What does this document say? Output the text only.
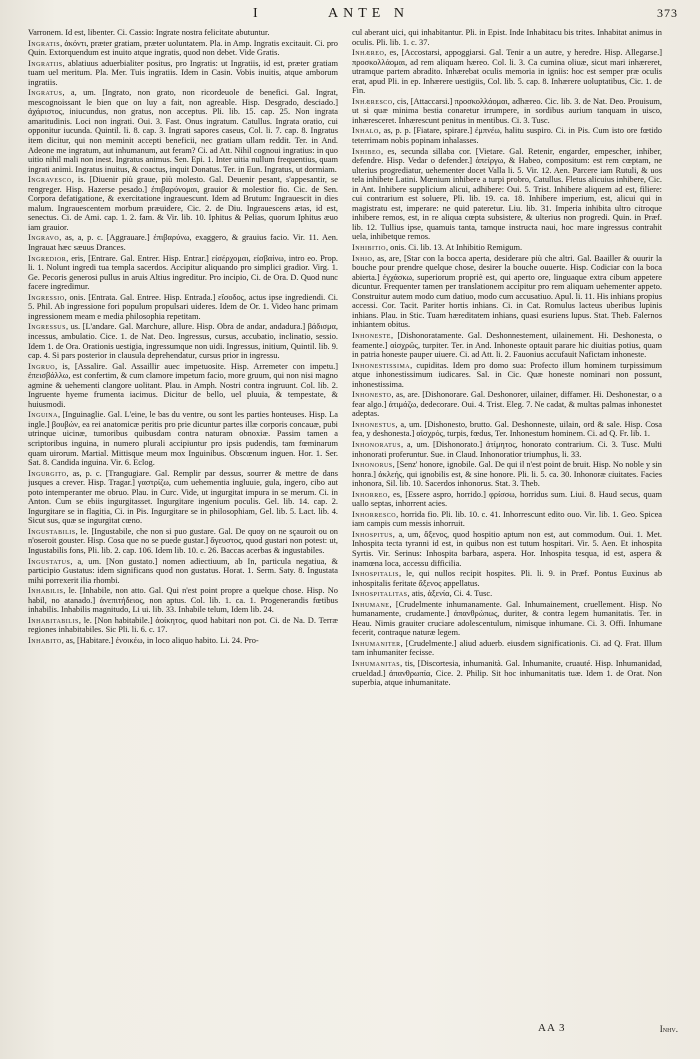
I	ANTE N	373

Varronem. Id est, libenter. Ci. Cassio: Ingrate nostra felicitate abutuntur.

Ingratis, ἀκόντι, præter gratiam, præter uoluntatem. Pla. in Amp. Ingratis excitauit. Ci. pro Quin. Extorquendum est inuito atque ingratis, quod non debet. Vide Gratis.

Ingratiis, ablatiuus aduerbialiter positus, pro Ingratis: ut Ingratiis, id est, præter gratiam tuam uel meritum. Pla. Mer. Tuis ingratiis. Idem in Casin. Vobis inuitis, atque amborum ingratiis.

Ingratus, a, um. [Ingrato, non grato, non ricordeuole de benefici. Gal. Ingrat, mescognoissant le bien que on luy a fait, non agreable. Hisp. Desgrado, desciado.] ἀχάριστος, iniucundus, non gratus, non acceptus. Pli. lib. 15. cap. 25. Non ingrata amaritudinis. Loci non ingrati. Oui. 3. Fast. Onus ingratum. Catullus. Ingrata oratio, cui opponitur iucunda. Quintil. li. 8. cap. 3. Ingrati sapores caseus, Col. li. 7. cap. 8. Ingratus item dicitur, qui non meminit accepti beneficii, nec gratiam ullam reddit. Ter. in And. Adeone me ingratum, aut inhumanum, aut feram? Ci. ad Att. Nihil cognoui ingratius: in quo uitio nihil mali non inest. Ingratus animus. Sen. Epi. 1. Inter uitia nullum frequentius, quam ingrati animi. Ingratus inuitus, & coactus, inquit Donatus. Ter. in Eun. Ingratus, ut dormiam.

Ingravesco, is. [Diuenir più graue, più molesto. Gal. Deuenir pesant, s'appesantir, se rengreger. Hisp. Hazerse pesado.] ἐπιβαρύνομαι, grauior & molestior fio. Cic. de Sen. Corpora defatigatione, & exercitatione ingrauescunt. Idem ad Brutum: Ingrauescit in dies malum. Ingrauescentem morbum præuidere, Cic. 2. de Diu. Ingrauescens ætas, id est, senectus. Ci. de Ami. cap. 1. 2. fam. & Vir. lib. 10. Iphitus & Pelias, quorum Iphitus æuo iam grauior.

Ingravo, as, a, p. c. [Aggrauare.] ἐπιβαρύνω, exaggero, & grauius facio. Vir. 11. Aen. Ingrauat hæc sæuus Drances.

Ingredior, eris, [Entrare. Gal. Entrer. Hisp. Entrar.] εἰσέρχομαι, εἰσβαίνω, intro eo. Prop. li. 1. Nolunt ingredi tua templa sacerdos. Accipitur aliquando pro simplici gradior. Virg. 1. Ge. Pecoris generosi pullus in aruis Altius ingreditur. Pro incipio, Ci. de Ora. D. Quod nunc facere ingredimur.

Ingressio, onis. [Entrata. Gal. Entree. Hisp. Entrada.] εἴσοδος, actus ipse ingrediendi. Ci. 5. Phil. Ab ingressione fori populum propulsari uideres. Idem de Or. 1. Video hanc primam ingressionem meam e media philosophia repetitam.

Ingressus, us. [L'andare. Gal. Marchure, allure. Hisp. Obra de andar, andadura.] βάδισμα, incessus, ambulatio. Cice. 1. de Nat. Deo. Ingressus, cursus, accubatio, inclinatio, sessio. Idem 1. de Ora. Orationis uestigia, ingressumque non uidi. Ingressus, initium, Quintil. lib. 9. cap. 4. Si pars posterior in clausula deprehendatur, cursus prior in ingressu.

Ingruo, is, [Assalire. Gal. Assaillir auec impetuosite. Hisp. Arremeter con impetu.] ἐπεισβάλλω, est confertim, & cum clamore impetum facio, more gruum, qui non nisi magno agmine & uehementi clangore uolitant. Plau. in Amph. Nostri contra ingruunt. Col. lib. 2. Ingruente hyeme frumenta iacimus. Dicitur de bello, uel pluuia, & tempestate, & huiusmodi.

Inguina, [Inguinaglie. Gal. L'eine, le bas du ventre, ou sont les parties honteuses. Hisp. La ingle.] βουβών, ea rei anatomicæ peritis pro prie dicuntur partes illæ corporis concauæ, pubi utrinque uicinæ, tumoribus quibusdam contra naturam obnoxiæ. Passim tamen a scriptoribus inguina, in numero plurali accipiuntur pro ipsis pudendis, tam fœminarum quam uirorum. Martial. Mittisque meum mox Inguinibus. Obscœnum inguen. Hor. 1. Ser. Sat. 8. Candida inguina. Vir. 6. Eclog.

Ingurgito, as, p. c. [Trangugiare. Gal. Remplir par dessus, sourrer & mettre de dans jusques a crever. Hisp. Tragar.] γαστρίζω, cum uehementia ingluuie, gula, ingero, cibo aut poto intemperanter me obruo. Plau. in Curc. Vide, ut ingurgitat impura in se merum. Ci. in Anton. Cum se ebiis ingurgitasset. Ingurgitare ingenium poculis. Gel. lib. 14. cap. 2. Ingurgitare se in flagitia, Ci. in Pis. Ingurgitare se in philosophiam, Gel. lib. 5. Lact. lib. 4. Sicut sus, quæ se ingurgitat cœno.

Ingustabilis, le. [Ingustabile, che non si puo gustare. Gal. De quoy on ne sçauroit ou on n'oseroit gouster. Hisp. Cosa que no se puede gustar.] ἄγευστος, quod gustari non potest: ut, Ingustabilis fons, Pli. lib. 2. cap. 106. Idem lib. 10. c. 26. Baccas acerbas & ingustabiles.

Ingustatus, a, um. [Non gustato.] nomen adiectiuum, ab In, particula negatiua, & participio Gustatus: idem significans quod non gustatus. Horat. 1. Serm. Saty. 8. Ingustata mihi porrexerit ilia rhombi.

Inhabilis, le. [Inhabile, non atto. Gal. Qui n'est point propre a quelque chose. Hisp. No habil, no atanado.] ἀνεπιτήδειος, non aptus. Col. lib. 1. ca. 1. Progenerandis fœtibus inhabilis. Inhabilis magnitudo, Li ui. lib. 33. Inhabile telum, Idem lib. 24.

Inhabitabilis, le. [Non habitabile.] ἀοίκητος, quod habitari non pot. Ci. de Na. D. Terræ regiones inhabitabiles. Sic Pli. li. 6. c. 17.

Inhabito, as, [Habitare.] ἐνοικέω, in loco aliquo habito. Li. 24. Pro-

cul aberant uici, qui inhabitantur. Pli. in Epist. Inde Inhabitacu bis trites. Inhabitat animus in oculis. Pli. lib. 1. c. 37.

Inhæreo, es, [Accostarsi, appoggiarsi. Gal. Tenir a un autre, y heredre. Hisp. Allegarse.] προσκολλάομαι, ad rem aliquam hæreo. Col. li. 3. Ca cumina oliuæ, sicut mari inhæreret, utramque partem abradito. Inhærebat oculis memoria in igniis: hoc est semper præ oculis erat, apud Pli. in ep. Inhærere uestigiis, Col. lib. 5. cap. 8. Inhærere uoluptatibus, Cic. 1. de Fin.

Inhæresco, cis, [Attaccarsi.] προσκολλάομαι, adhæreo. Cic. lib. 3. de Nat. Deo. Prouisum, ut si quæ minima bestia conaretur irrumpere, in sordibus aurium tanquam in uisco, inhæresceret. Inhærescunt penitus in mentibus. Ci. 3. Tusc.

Inhalo, as, p. p. [Fiatare, spirare.] ἐμπνέω, halitu suspiro. Ci. in Pis. Cum isto ore fœtido teterrimam nobis popinam inhalasses.

Inhibeo, es, secunda sillaba cor. [Vietare. Gal. Retenir, engarder, empescher, inhiber, defendre. Hisp. Vedar o defender.] ἀπείργω, & Habeo, compositum: est rem cœptam, ne ulterius progrediatur, uehementer docet Valla li. 5. Vir. 12. Aen. Parcere iam Rutuli, & uos tela inhibete Latini. Mœnium inhibere a turpi probro, Catullus. Fletus alicuius inhibere, Cic. in Ant. Inhibere supplicium alicui, adhibere: Oui. 5. Trist. Inhibere aliquem ad est, filiere: cui contrarium est soluere, Pli. lib. 19. ca. 18. Inhibere imperium, est, alicui qui in magistratu est, imperare: ne quid pateretur. Liu. lib. 31. Imperia inhibita ultro citroque inhibere remos, est, in re aliqua cœpta subsistere, & ulterius non progredi. Quin. in Præf. lib. 12. Tullius ipse, quamuis tanta, tamque instructa naui, hoc mare ingressus contrahit uela, inhibetque remos.

Inhibitio, onis. Ci. lib. 13. At Inhibitio Remigum.

Inhio, as, are, [Star con la bocca aperta, desiderare più che altri. Gal. Baailler & ouurir la bouche pour prendre quelque chose, desirer la bouche ouuerte. Hisp. Codiciar con la boca abierta.] ἐγχάσκω, superiorum propriè est, qui aperto ore, linguaque extra cibum appetere dicuntur. Frequenter tamen per translationem accipitur pro rem aliquam uehementer appeto. Construitur autem modo cum datiuo, modo cum accusatiuo. Apul. li. 11. His inhians propius accessi. Cor. Tacit. Pariter hortis inhians. Ci. in Cat. Romulus lacteus uberibus lupinis inhians. Plau. in Stic. Tuam hæreditatem inhians, quasi esuriens lupus. Stat. Theb. Falernos inhiantem obitus.

Inhoneste, [Dishonoratamente. Gal. Deshonnestement, uilainement. Hi. Deshonesta, o feamente.] αἰσχρῶς, turpiter. Ter. in And. Inhoneste optauit parare hic diuitias potius, quam in patria honeste pauper uiuere. Ci. ad Att. li. 2. Fauonius accufauit Nafictam inhoneste.

Inhonestissima, cupiditas. Idem pro domo sua: Profecto illum hominem turpissimum atque inhonestissimum iudicares. Sal. in Cic. Quæ honeste nominari non possunt, inhonestissima.

Inhonesto, as, are. [Dishonorare. Gal. Deshonorer, uilainer, diffamer. Hi. Deshonestar, o a fear algo.] ἀτιμάζω, dedecorare. Oui. 4. Trist. Eleg. 7. Ne cadat, & multas palmas inhonestet adeptas.

Inhonestus, a, um. [Dishonesto, brutto. Gal. Deshonneste, uilain, ord & sale. Hisp. Cosa fea, y deshonesta.] αἰσχρός, turpis, fœdus, Ter. Inhonestum hominem. Ci. ad Q. Fr. lib. 1.

Inhonoratus, a, um. [Dishonorato.] ἀτίμητος, honorato contrarium. Ci. 3. Tusc. Multi inhonorati proferuntur. Sue. in Claud. Inhonoratior triumphus, li. 33.

Inhonorus, [Senz' honore, ignobile. Gal. De qui il n'est point de bruit. Hisp. No noble y sin honra.] ἀκλεής, qui ignobilis est, & sine honore. Pli. li. 5. ca. 30. Inhonoræ ciuitates. Facies inhonora, Sil. lib. 10. Sacerdos inhonorus. Stat. 3. Theb.

Inhorreo, es, [Essere aspro, horrido.] φρίσσω, horridus sum. Liui. 8. Haud secus, quam uallo septas, inhorrent acies.

Inhorresco, horrida fio. Pli. lib. 10. c. 41. Inhorrescunt edito ouo. Vir. lib. 1. Geo. Spicea iam campis cum messis inhorruit.

Inhospitus, a, um, ἄξενος, quod hospitio aptum non est, aut commodum. Oui. 1. Met. Inhospita tecta tyranni id est, in quibus non est tutum hospitari. Vir. 5. Aen. Et inhospita Syrtis. Vir. Serinus: Inhospita barbara, aspera. Hor. Inhospita tesqua, id est, aspera & inamœna loca, accessu difficilia.

Inhospitalis, le, qui nullos recipit hospites. Pli. li. 9. in Præf. Pontus Euxinus ab inhospitalis feritate ἄξενος appellatus.

Inhospitalitas, atis, ἀξενία, Ci. 4. Tusc.

Inhumane, [Crudelmente inhumanamente. Gal. Inhumainement, cruellement. Hisp. No humanamente, crudamente.] ἀπανθρώπως, duriter, & contra legem humanitatis. Ter. in Heau. Nimis grauiter cruciare adolescentulum, nimisque inhumane. Ci. 3. Offi. Inhumane fecerit, contraque naturæ legem.

Inhumaniter, [Crudelmente.] aliud aduerb. eiusdem significationis. Ci. ad Q. Frat. Illum tam inhumaniter fecisse.

Inhumanitas, tis, [Discortesia, inhumanità. Gal. Inhumanite, cruauté. Hisp. Inhumanidad, crueldad.] ἀπανθρωπία, Cice. 2. Philip. Sit hoc inhumanitatis tuæ. Idem 1. de Orat. Non superbia, atque inhumanitate.

AA 3	Inhv.
